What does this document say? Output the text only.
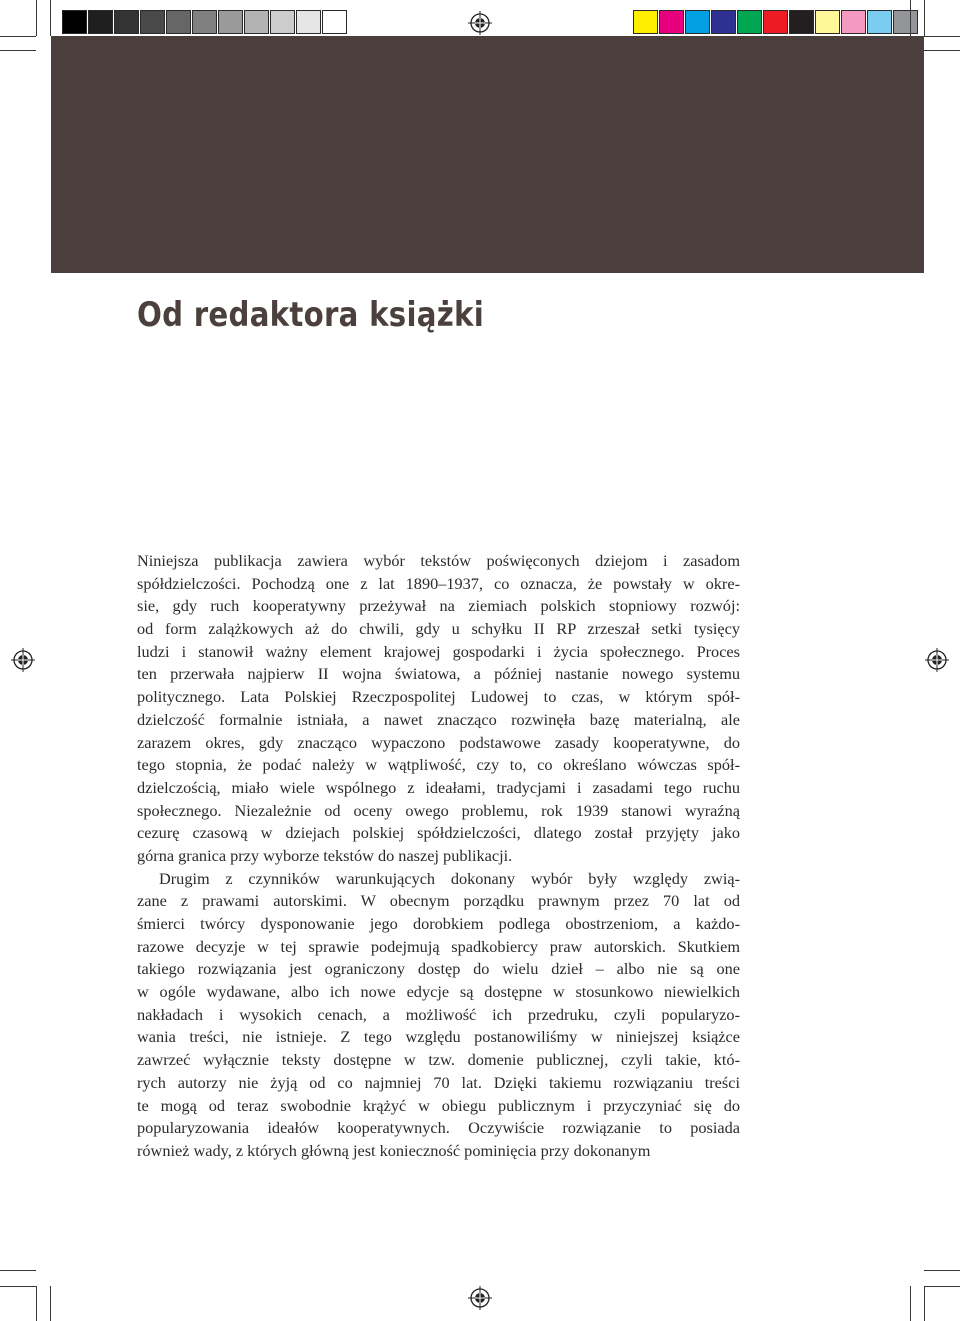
Od redaktora książki
Niniejsza publikacja zawiera wybór tekstów poświęconych dziejom i zasadom
spółdzielczości. Pochodzą one z lat 1890–1937, co oznacza, że powstały w okre-
sie, gdy ruch kooperatywny przeżywał na ziemiach polskich stopniowy rozwój:
od form zalążkowych aż do chwili, gdy u schyłku II RP zrzeszał setki tysięcy
ludzi i stanowił ważny element krajowej gospodarki i życia społecznego. Proces
ten przerwała najpierw II wojna światowa, a później nastanie nowego systemu
politycznego. Lata Polskiej Rzeczpospolitej Ludowej to czas, w którym spół-
dzielczość formalnie istniała, a nawet znacząco rozwinęła bazę materialną, ale
zarazem okres, gdy znacząco wypaczono podstawowe zasady kooperatywne, do
tego stopnia, że podać należy w wątpliwość, czy to, co określano wówczas spół-
dzielczością, miało wiele wspólnego z ideałami, tradycjami i zasadami tego ruchu
społecznego. Niezależnie od oceny owego problemu, rok 1939 stanowi wyraźną
cezurę czasową w dziejach polskiej spółdzielczości, dlatego został przyjęty jako
górna granica przy wyborze tekstów do naszej publikacji.
Drugim z czynników warunkujących dokonany wybór były względy zwią-
zane z prawami autorskimi. W obecnym porządku prawnym przez 70 lat od
śmierci twórcy dysponowanie jego dorobkiem podlega obostrzeniom, a każdo-
razowe decyzje w tej sprawie podejmują spadkobiercy praw autorskich. Skutkiem
takiego rozwiązania jest ograniczony dostęp do wielu dzieł – albo nie są one
w ogóle wydawane, albo ich nowe edycje są dostępne w stosunkowo niewielkich
nakładach i wysokich cenach, a możliwość ich przedruku, czyli popularyzo-
wania treści, nie istnieje. Z tego względu postanowiliśmy w niniejszej książce
zawrzeć wyłącznie teksty dostępne w tzw. domenie publicznej, czyli takie, któ-
rych autorzy nie żyją od co najmniej 70 lat. Dzięki takiemu rozwiązaniu treści
te mogą od teraz swobodnie krążyć w obiegu publicznym i przyczyniać się do
popularyzowania ideałów kooperatywnych. Oczywiście rozwiązanie to posiada
również wady, z których główną jest konieczność pominięcia przy dokonanym
